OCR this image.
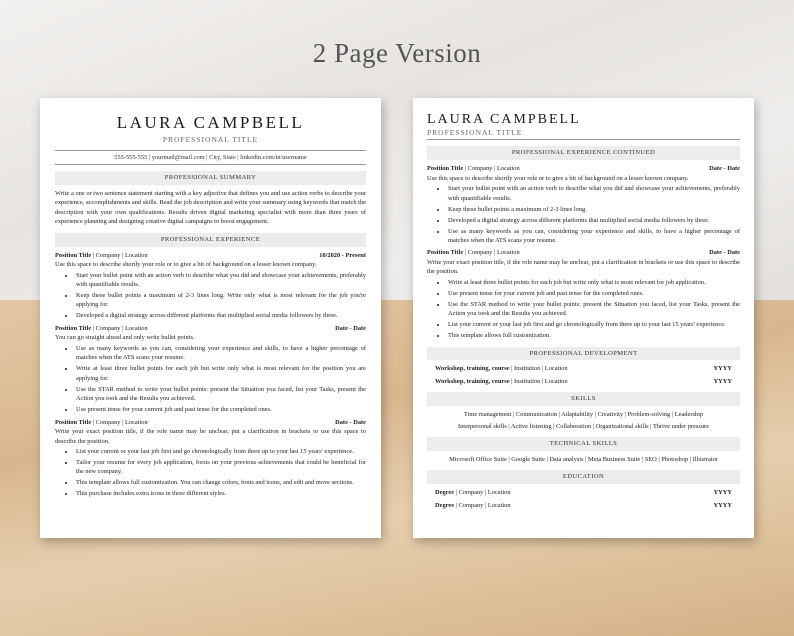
2 Page Version
LAURA CAMPBELL
PROFESSIONAL TITLE
555-555-555 | yourmail@mail.com | City, State | linkedin.com/in/username
PROFESSIONAL SUMMARY
Write a one or two sentence statement starting with a key adjective that defines you and use action verbs to describe your experience, accomplishments and skills. Read the job description and write your summary using keywords that match the description with your own qualifications. Results driven digital marketing specialist with more than three years of experience planning and designing creative digital campaigns to boost engagement.
PROFESSIONAL EXPERIENCE
Position Title | Company | Location	10/2020 - Present
Use this space to describe shortly your role or to give a bit of background on a lesser known company.
• Start your bullet point with an action verb to describe what you did and showcase your achievements, preferably with quantifiable results.
• Keep these bullet points a maximum of 2-3 lines long. Write only what is most relevant for the job you're applying for.
• Developed a digital strategy across different platforms that multiplied social media followers by three.
Position Title | Company | Location	Date - Date
You can go straight ahead and only write bullet points.
• Use as many keywords as you can, considering your experience and skills, to have a higher percentage of matches when the ATS scans your resume.
• Write at least three bullet points for each job but write only what is most relevant for the position you are applying for.
• Use the STAR method to write your bullet points: present the Situation you faced, list your Tasks, present the Action you took and the Results you achieved.
• Use present tense for your current job and past tense for the completed ones.
Position Title | Company | Location	Date - Date
Write your exact position title, if the role name may be unclear, put a clarification in brackets or use this space to describe the position.
• List your current or your last job first and go chronologically from there up to your last 15 years' experience.
• Tailor your resume for every job application, focus on your previous achievements that could be beneficial for the new company.
• This template allows full customization. You can change colors, fonts and icons, and edit and move sections.
• This purchase includes extra icons in three different styles.
LAURA CAMPBELL
PROFESSIONAL TITLE
PROFESSIONAL EXPERIENCE CONTINUED
Position Title | Company | Location	Date - Date
Use this space to describe shortly your role or to give a bit of background on a lesser known company.
• Start your bullet point with an action verb to describe what you did and showcase your achievements, preferably with quantifiable results.
• Keep these bullet points a maximum of 2-3 lines long.
• Developed a digital strategy across different platforms that multiplied social media followers by three.
• Use as many keywords as you can, considering your experience and skills, to have a higher percentage of matches when the ATS scans your resume.
Position Title | Company | Location	Date - Date
Write your exact position title, if the role name may be unclear, put a clarification in brackets or use this space to describe the position.
• Write at least three bullet points for each job but write only what is most relevant for job application.
• Use present tense for your current job and past tense for the completed ones.
• Use the STAR method to write your bullet points: present the Situation you faced, list your Tasks, present the Action you took and the Results you achieved.
• List your current or your last job first and go chronologically from there up to your last 15 years' experience.
• This template allows full customization.
PROFESSIONAL DEVELOPMENT
Workshop, training, course | Institution | Location	YYYY
Workshop, training, course | Institution | Location	YYYY
SKILLS
Time management | Communication | Adaptability | Creativity | Problem-solving | Leadership
Interpersonal skills | Active listening | Collaboration | Organizational skills | Thrive under pressure
TECHNICAL SKILLS
Microsoft Office Suite | Google Suite | Data analysis | Meta Business Suite | SEO | Photoshop | Illustrator
EDUCATION
Degree | Company | Location	YYYY
Degree | Company | Location	YYYY
